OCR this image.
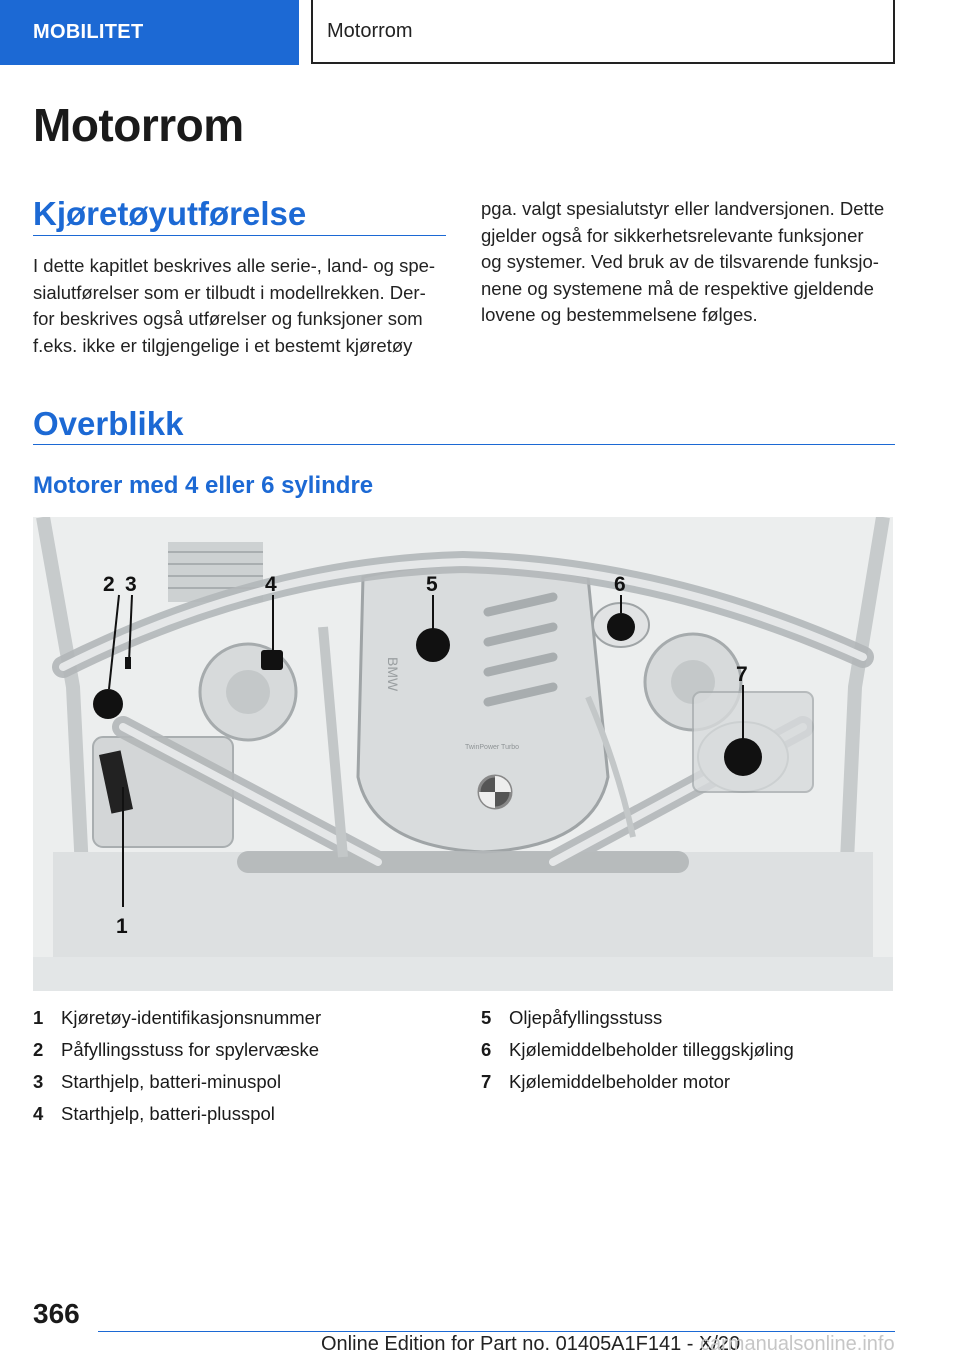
MOBILITET	Motorrom
Motorrom
Kjøretøyutførelse

I dette kapitlet beskrives alle serie-, land- og spe-
sialutførelser som er tilbudt i modellrekken. Der-
for beskrives også utførelser og funksjoner som
f.eks. ikke er tilgjengelige i et bestemt kjøretøy

pga. valgt spesialutstyr eller landversjonen. Dette
gjelder også for sikkerhetsrelevante funksjoner
og systemer. Ved bruk av de tilsvarende funksjo-
nene og systemene må de respektive gjeldende
lovene og bestemmelsene følges.

Overblikk
Motorer med 4 eller 6 sylindre
BMW
TwinPower Turbo
2 3	4	5	6
7
1
1 Kjøretøy-identifikasjonsnummer
2 Påfyllingsstuss for spylervæske
3 Starthjelp, batteri-minuspol
4 Starthjelp, batteri-plusspol
5 Oljepåfyllingsstuss
6 Kjølemiddelbeholder tilleggskjøling
7 Kjølemiddelbeholder motor
366
Online Edition for Part no. 01405A1F141 - X/20
carmanualsonline.info
